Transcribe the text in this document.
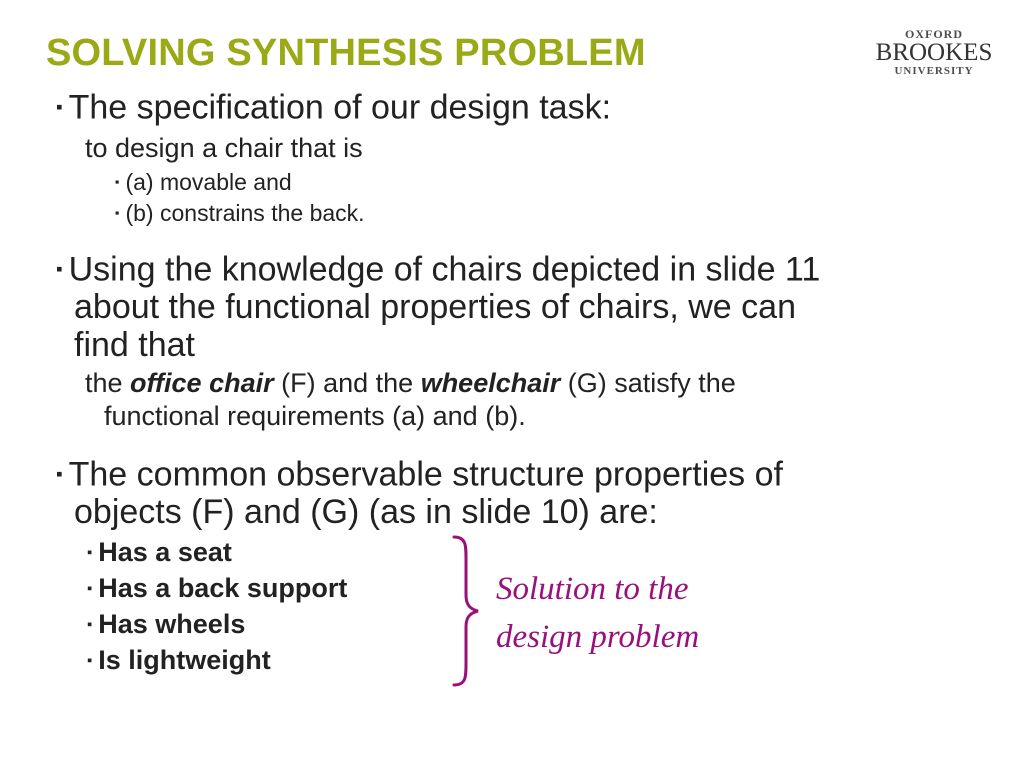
SOLVING SYNTHESIS PROBLEM	OXFORD
BROOKES
UNIVERSITY
▪ The specification of our design task:
to design a chair that is
▪ (a) movable and
▪ (b) constrains the back.
▪ Using the knowledge of chairs depicted in slide 11
about the functional properties of chairs, we can
find that
the office chair (F) and the wheelchair (G) satisfy the
functional requirements (a) and (b).
▪ The common observable structure properties of
objects (F) and (G) (as in slide 10) are:
▪ Has a seat
▪ Has a back support
▪ Has wheels
▪ Is lightweight
Solution to the
design problem
